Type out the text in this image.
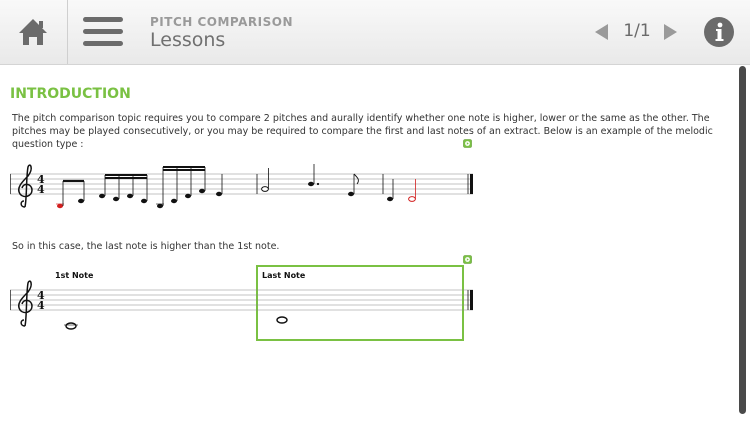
PITCH COMPARISON
Lessons	1/1
INTRODUCTION
The pitch comparison topic requires you to compare 2 pitches and aurally identify whether one note is higher, lower or the same as the other. The pitches may be played consecutively, or you may be required to compare the first and last notes of an extract. Below is an example of the melodic question type :
4
4
So in this case, the last note is higher than the 1st note.
1st Note	Last Note
4
4
